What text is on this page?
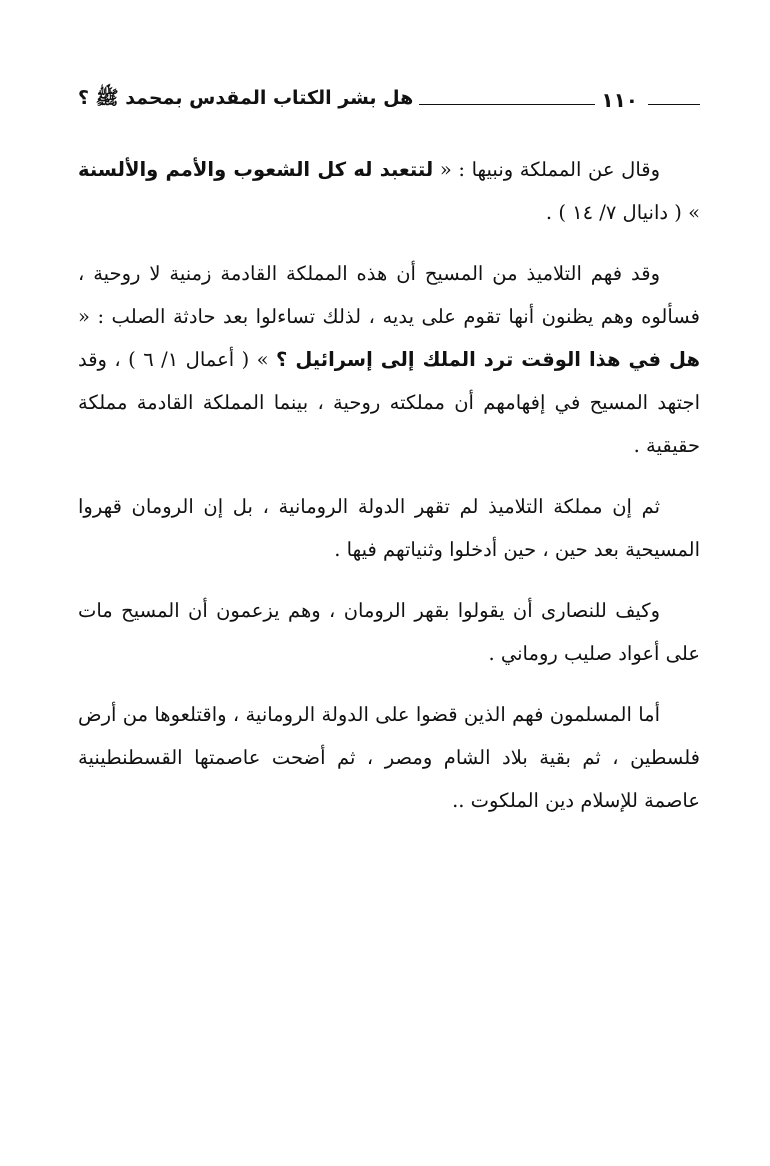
١١٠
هل بشر الكتاب المقدس بمحمد ﷺ ؟

وقال عن المملكة ونبيها : « لتتعبد له كل الشعوب والأمم والألسنة » ( دانيال ٧/ ١٤ ) .

وقد فهم التلاميذ من المسيح أن هذه المملكة القادمة زمنية لا روحية ، فسألوه وهم يظنون أنها تقوم على يديه ، لذلك تساءلوا بعد حادثة الصلب : « هل في هذا الوقت ترد الملك إلى إسرائيل ؟ » ( أعمال ١/ ٦ ) ، وقد اجتهد المسيح في إفهامهم أن مملكته روحية ، بينما المملكة القادمة مملكة حقيقية .

ثم إن مملكة التلاميذ لم تقهر الدولة الرومانية ، بل إن الرومان قهروا المسيحية بعد حين ، حين أدخلوا وثنياتهم فيها .

وكيف للنصارى أن يقولوا بقهر الرومان ، وهم يزعمون أن المسيح مات على أعواد صليب روماني .

أما المسلمون فهم الذين قضوا على الدولة الرومانية ، واقتلعوها من أرض فلسطين ، ثم بقية بلاد الشام ومصر ، ثم أضحت عاصمتها القسطنطينية عاصمة للإسلام دين الملكوت ..
